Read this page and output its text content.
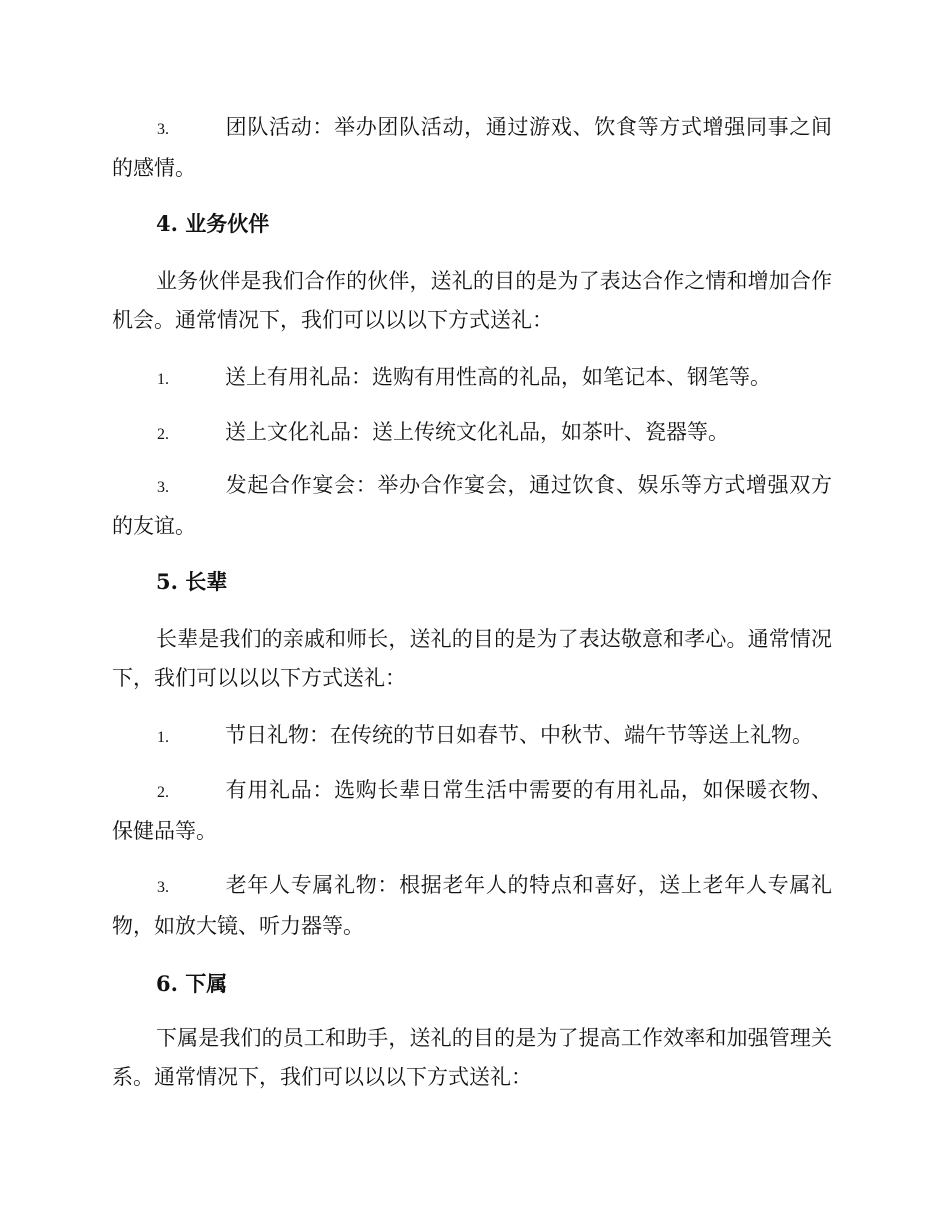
3.	团队活动：举办团队活动，通过游戏、饮食等方式增强同事之间的感情。
4. 业务伙伴
业务伙伴是我们合作的伙伴，送礼的目的是为了表达合作之情和增加合作机会。通常情况下，我们可以以以下方式送礼：
1.	送上有用礼品：选购有用性高的礼品，如笔记本、钢笔等。
2.	送上文化礼品：送上传统文化礼品，如茶叶、瓷器等。
3.	发起合作宴会：举办合作宴会，通过饮食、娱乐等方式增强双方的友谊。
5. 长辈
长辈是我们的亲戚和师长，送礼的目的是为了表达敬意和孝心。通常情况下，我们可以以以下方式送礼：
1.	节日礼物：在传统的节日如春节、中秋节、端午节等送上礼物。
2.	有用礼品：选购长辈日常生活中需要的有用礼品，如保暖衣物、保健品等。
3.	老年人专属礼物：根据老年人的特点和喜好，送上老年人专属礼物，如放大镜、听力器等。
6. 下属
下属是我们的员工和助手，送礼的目的是为了提高工作效率和加强管理关系。通常情况下，我们可以以以下方式送礼：
